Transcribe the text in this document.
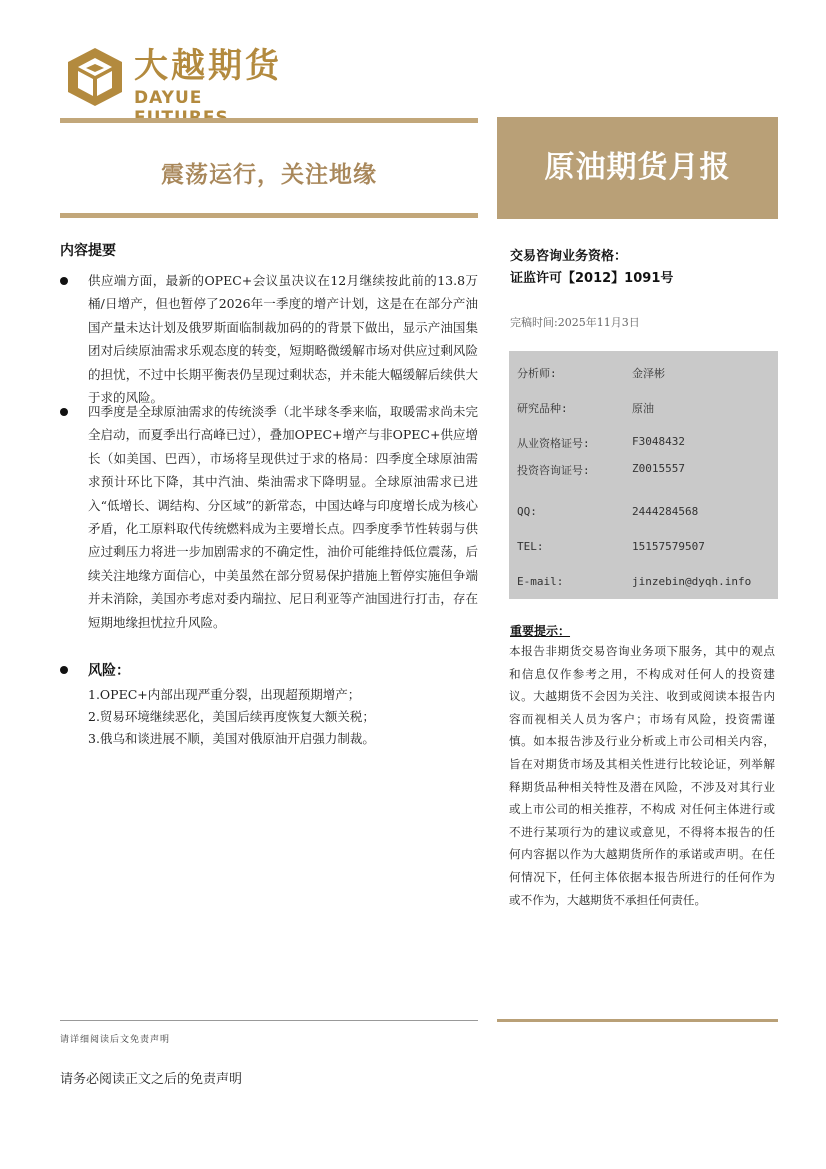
大越期货
DAYUE
震荡运行，关注地缘	原油期货月报
内容提要
供应端方面，最新的OPEC+会议虽决议在12月继续按此前的13.8万桶/日增产，但也暂停了2026年一季度的增产计划，这是在在部分产油国产量未达计划及俄罗斯面临制裁加码的的背景下做出，显示产油国集团对后续原油需求乐观态度的转变，短期略微缓解市场对供应过剩风险的担忧，不过中长期平衡表仍呈现过剩状态，并未能大幅缓解后续供大于求的风险。
四季度是全球原油需求的传统淡季（北半球冬季来临，取暖需求尚未完全启动，而夏季出行高峰已过），叠加OPEC+增产与非OPEC+供应增长（如美国、巴西），市场将呈现供过于求的格局：四季度全球原油需求预计环比下降，其中汽油、柴油需求下降明显。全球原油需求已进入“低增长、调结构、分区域”的新常态，中国达峰与印度增长成为核心矛盾，化工原料取代传统燃料成为主要增长点。四季度季节性转弱与供应过剩压力将进一步加剧需求的不确定性，油价可能维持低位震荡，后续关注地缘方面信心，中美虽然在部分贸易保护措施上暂停实施但争端并未消除，美国亦考虑对委内瑞拉、尼日利亚等产油国进行打击，存在短期地缘担忧拉升风险。
风险：
1.OPEC+内部出现严重分裂，出现超预期增产；
2.贸易环境继续恶化，美国后续再度恢复大额关税；
3.俄乌和谈进展不顺，美国对俄原油开启强力制裁。
交易咨询业务资格：
证监许可【2012】1091号
完稿时间:2025年11月3日
分析师:	金泽彬
研究品种:	原油
从业资格证号:	F3048432
投资咨询证号:	Z0015557
QQ:	2444284568
TEL:	15157579507
E-mail:	jinzebin@dyqh.info
重要提示：
本报告非期货交易咨询业务项下服务，其中的观点和信息仅作参考之用，不构成对任何人的投资建议。大越期货不会因为关注、收到或阅读本报告内容而视相关人员为客户；市场有风险，投资需谨慎。如本报告涉及行业分析或上市公司相关内容，旨在对期货市场及其相关性进行比较论证，列举解释期货品种相关特性及潜在风险，不涉及对其行业或上市公司的相关推荐，不构成 对任何主体进行或不进行某项行为的建议或意见，不得将本报告的任何内容据以作为大越期货所作的承诺或声明。在任何情况下，任何主体依据本报告所进行的任何作为或不作为，大越期货不承担任何责任。
请详细阅读后文免责声明
请务必阅读正文之后的免责声明
